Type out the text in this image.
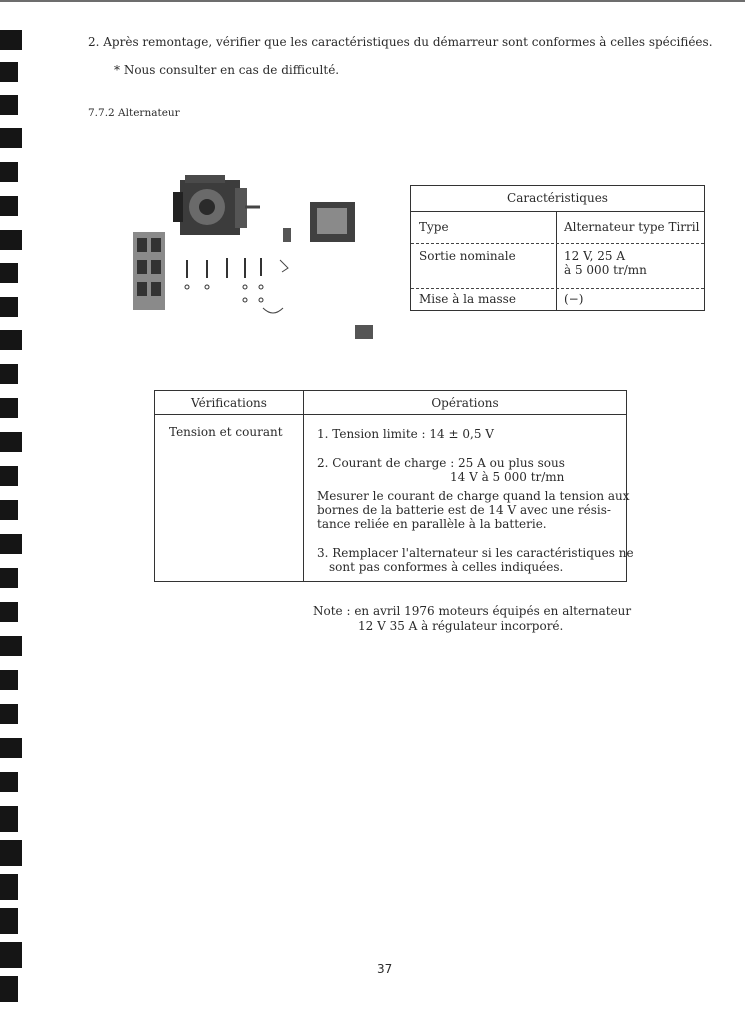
2. Après remontage, vérifier que les caractéristiques du démarreur sont conformes à celles spécifiées.
* Nous consulter en cas de difficulté.
7.7.2 Alternateur
Caractéristiques
Type	Alternateur type Tirril
Sortie nominale	12 V, 25 A
à 5 000 tr/mn
Mise à la masse	(−)
Vérifications	Opérations
Tension et courant	1. Tension limite : 14 ± 0,5 V
2. Courant de charge : 25 A ou plus sous
14 V à 5 000 tr/mn
Mesurer le courant de charge quand la tension aux
bornes de la batterie est de 14 V avec une résis-
tance reliée en parallèle à la batterie.
3. Remplacer l'alternateur si les caractéristiques ne
sont pas conformes à celles indiquées.
Note : en avril 1976 moteurs équipés en alternateur
12 V 35 A à régulateur incorporé.
37
